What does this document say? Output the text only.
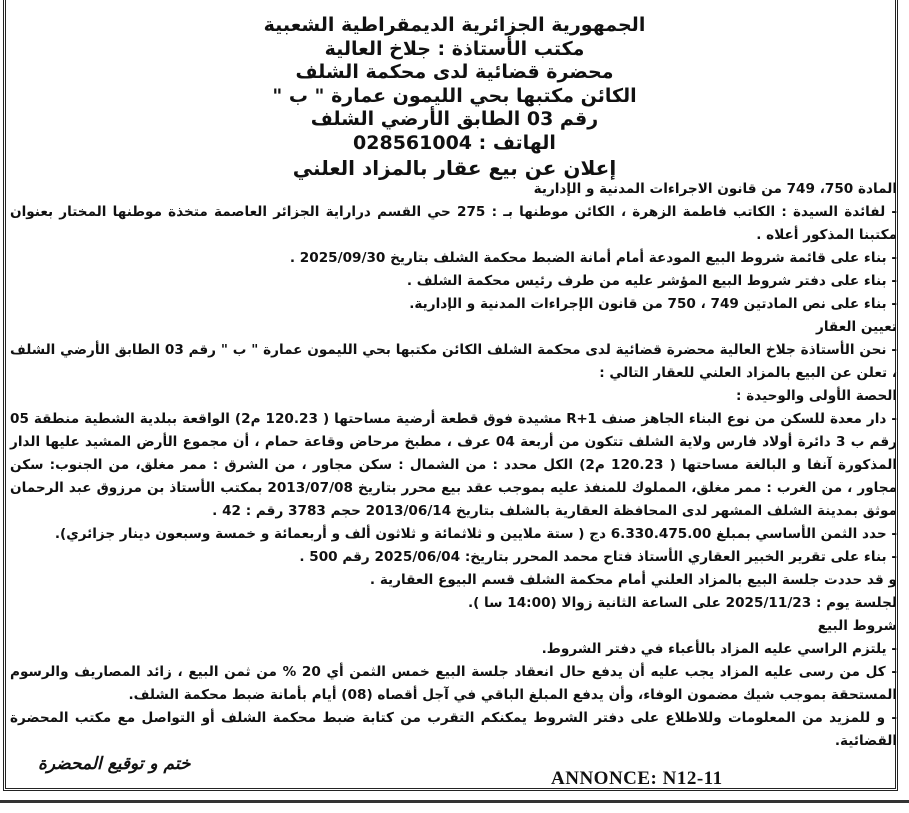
الجمهورية الجزائرية الديمقراطية الشعبية
مكتب الأستاذة : جلاخ العالية
محضرة قضائية لدى محكمة الشلف
الكائن مكتبها بحي الليمون عمارة " ب "
رقم 03 الطابق الأرضي الشلف
الهاتف : 028561004
إعلان عن بيع عقار بالمزاد العلني

المادة 750، 749 من قانون الاجراءات المدنية و الإدارية

- لفائدة السيدة : الكاتب فاطمة الزهرة ، الكائن موطنها بـ : 275 حي القسم دراراية الجزائر العاصمة متخذة موطنها المختار بعنوان مكتبنا المذكور أعلاه .

- بناء على قائمة شروط البيع المودعة أمام أمانة الضبط محكمة الشلف بتاريخ 2025/09/30 .

- بناء على دفتر شروط البيع المؤشر عليه من طرف رئيس محكمة الشلف .

- بناء على نص المادتين 749 ، 750 من قانون الإجراءات المدنية و الإدارية.

تعيين العقار

- نحن الأستاذة جلاخ العالية محضرة قضائية لدى محكمة الشلف الكائن مكتبها بحي الليمون عمارة " ب " رقم 03 الطابق الأرضي الشلف ، تعلن عن البيع بالمزاد العلني للعقار التالي :

الحصة الأولى والوحيدة :

- دار معدة للسكن من نوع البناء الجاهز صنف R+1 مشيدة فوق قطعة أرضية مساحتها ( 120.23 م2) الواقعة ببلدية الشطية منطقة 05 رقم ب 3 دائرة أولاد فارس ولاية الشلف تتكون من أربعة 04 عرف ، مطبخ مرحاض وقاعة حمام ، أن مجموع الأرض المشيد عليها الدار المذكورة آنفا و البالغة مساحتها ( 120.23 م2) الكل محدد : من الشمال : سكن مجاور ، من الشرق : ممر مغلق، من الجنوب: سكن مجاور ، من الغرب : ممر مغلق، المملوك للمنفذ عليه بموجب عقد بيع محرر بتاريخ 2013/07/08 بمكتب الأستاذ بن مرزوق عبد الرحمان موثق بمدينة الشلف المشهر لدى المحافظة العقارية بالشلف بتاريخ 2013/06/14 حجم 3783 رقم : 42 .

- حدد الثمن الأساسي بمبلغ 6.330.475.00 دج ( ستة ملايين و ثلاثمائة و ثلاثون ألف و أربعمائة و خمسة وسبعون دينار جزائري).

- بناء على تقرير الخبير العقاري الأستاذ فتاح محمد المحرر بتاريخ: 2025/06/04 رقم 500 .

و قد حددت جلسة البيع بالمزاد العلني أمام محكمة الشلف قسم البيوع العقارية .

لجلسة يوم : 2025/11/23 على الساعة الثانية زوالا (14:00 سا ).

شروط البيع

- يلتزم الراسي عليه المزاد بالأعباء في دفتر الشروط.

- كل من رسى عليه المزاد يجب عليه أن يدفع حال انعقاد جلسة البيع خمس الثمن أي 20 % من ثمن البيع ، زائد المصاريف والرسوم المستحقة بموجب شيك مضمون الوفاء، وأن يدفع المبلغ الباقي في آجل أقصاه (08) أيام بأمانة ضبط محكمة الشلف.

- و للمزيد من المعلومات وللاطلاع على دفتر الشروط يمكنكم التقرب من كتابة ضبط محكمة الشلف أو التواصل مع مكتب المحضرة القضائية.

ختم و توقيع المحضرة
ANNONCE: N12-11
